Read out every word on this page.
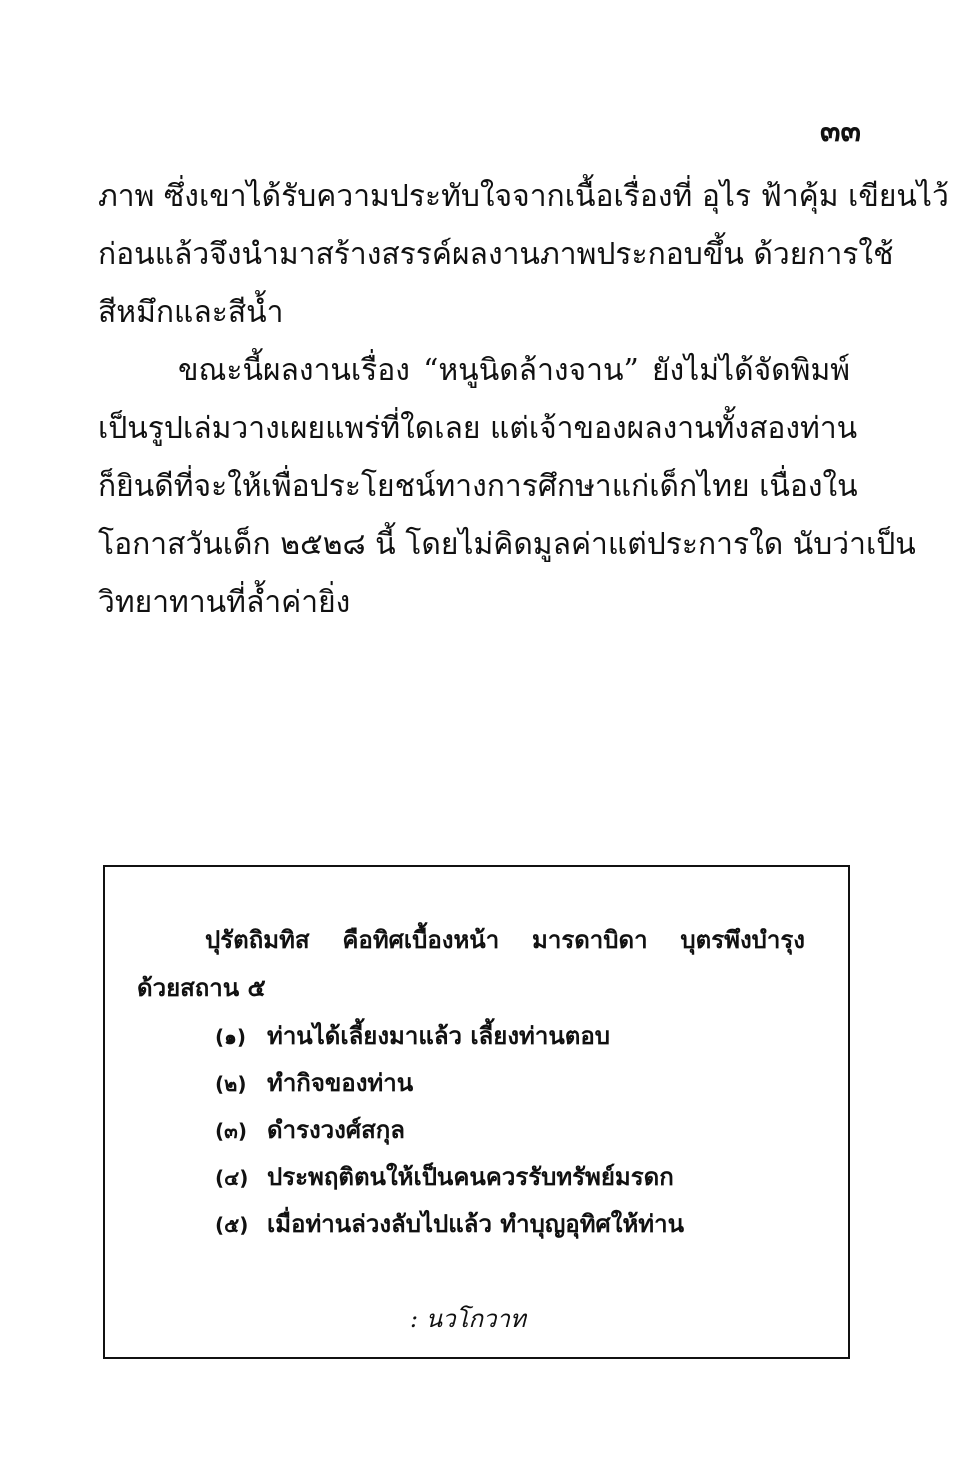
๓๓
ภาพ ซึ่งเขาได้รับความประทับใจจากเนื้อเรื่องที่ อุไร ฟ้าคุ้ม เขียนไว้
ก่อนแล้วจึงนำมาสร้างสรรค์ผลงานภาพประกอบขึ้น ด้วยการใช้
สีหมึกและสีน้ำ
ขณะนี้ผลงานเรื่อง “หนูนิดล้างจาน” ยังไม่ได้จัดพิมพ์
เป็นรูปเล่มวางเผยแพร่ที่ใดเลย แต่เจ้าของผลงานทั้งสองท่าน
ก็ยินดีที่จะให้เพื่อประโยชน์ทางการศึกษาแก่เด็กไทย เนื่องใน
โอกาสวันเด็ก ๒๕๒๘ นี้ โดยไม่คิดมูลค่าแต่ประการใด นับว่าเป็น
วิทยาทานที่ล้ำค่ายิ่ง
ปุรัตถิมทิส คือทิศเบื้องหน้า มารดาบิดา บุตรพึงบำรุง
ด้วยสถาน ๕
(๑) ท่านได้เลี้ยงมาแล้ว เลี้ยงท่านตอบ
(๒) ทำกิจของท่าน
(๓) ดำรงวงศ์สกุล
(๔) ประพฤติตนให้เป็นคนควรรับทรัพย์มรดก
(๕) เมื่อท่านล่วงลับไปแล้ว ทำบุญอุทิศให้ท่าน
: นวโกวาท
